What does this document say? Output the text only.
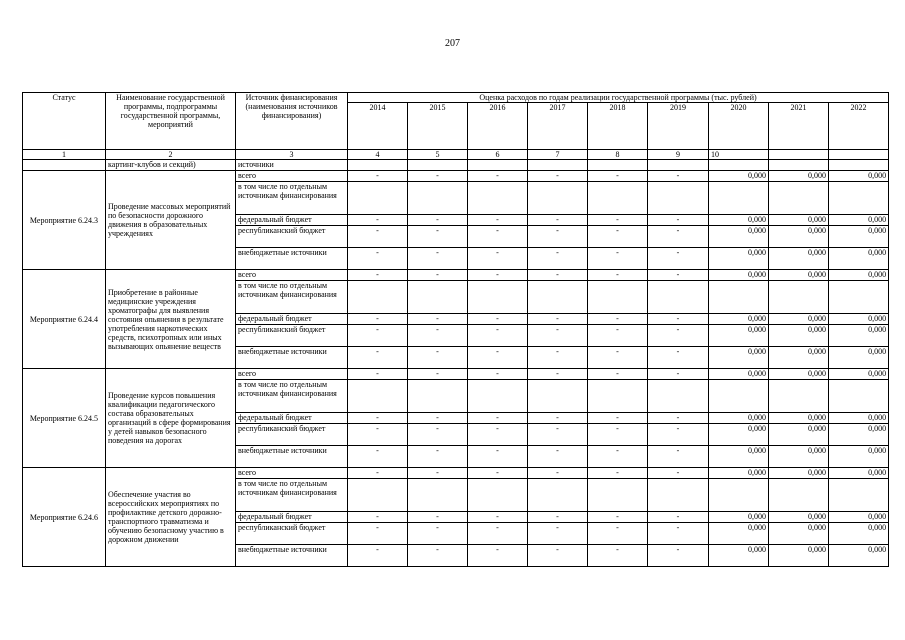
207
Статус	Наименование государственной программы, подпрограммы государственной программы, мероприятий	Источник финансирования (наименования источников финансирования)	Оценка расходов по годам реализации государственной программы (тыс. рублей)								
			2014	2015	2016	2017	2018	2019	2020	2021	2022
1	2	3	4	5	6	7	8	9	10		
	картинг-клубов и секций)	источники									
Мероприятие 6.24.3	Проведение массовых мероприятий по безопасности дорожного движения в образовательных учреждениях	всего	-	-	-	-	-	-	0,000	0,000	0,000
		в том числе по отдельным источникам финансирования									
		федеральный бюджет	-	-	-	-	-	-	0,000	0,000	0,000
		республиканский бюджет	-	-	-	-	-	-	0,000	0,000	0,000
		внебюджетные источники	-	-	-	-	-	-	0,000	0,000	0,000
Мероприятие 6.24.4	Приобретение в районные медицинские учреждения хроматографы для выявления состояния опьянения в результате употребления наркотических средств, психотропных или иных вызывающих опьянение веществ	всего	-	-	-	-	-	-	0,000	0,000	0,000
		в том числе по отдельным источникам финансирования									
		федеральный бюджет	-	-	-	-	-	-	0,000	0,000	0,000
		республиканский бюджет	-	-	-	-	-	-	0,000	0,000	0,000
		внебюджетные источники	-	-	-	-	-	-	0,000	0,000	0,000
Мероприятие 6.24.5	Проведение курсов повышения квалификации педагогического состава образовательных организаций в сфере формирования у детей навыков безопасного поведения на дорогах	всего	-	-	-	-	-	-	0,000	0,000	0,000
		в том числе по отдельным источникам финансирования									
		федеральный бюджет	-	-	-	-	-	-	0,000	0,000	0,000
		республиканский бюджет	-	-	-	-	-	-	0,000	0,000	0,000
		внебюджетные источники	-	-	-	-	-	-	0,000	0,000	0,000
Мероприятие 6.24.6	Обеспечение участия во всероссийских мероприятиях по профилактике детского дорожно-транспортного травматизма и обучению безопасному участию в дорожном движении	всего	-	-	-	-	-	-	0,000	0,000	0,000
		в том числе по отдельным источникам финансирования									
		федеральный бюджет	-	-	-	-	-	-	0,000	0,000	0,000
		республиканский бюджет	-	-	-	-	-	-	0,000	0,000	0,000
		внебюджетные источники	-	-	-	-	-	-	0,000	0,000	0,000
